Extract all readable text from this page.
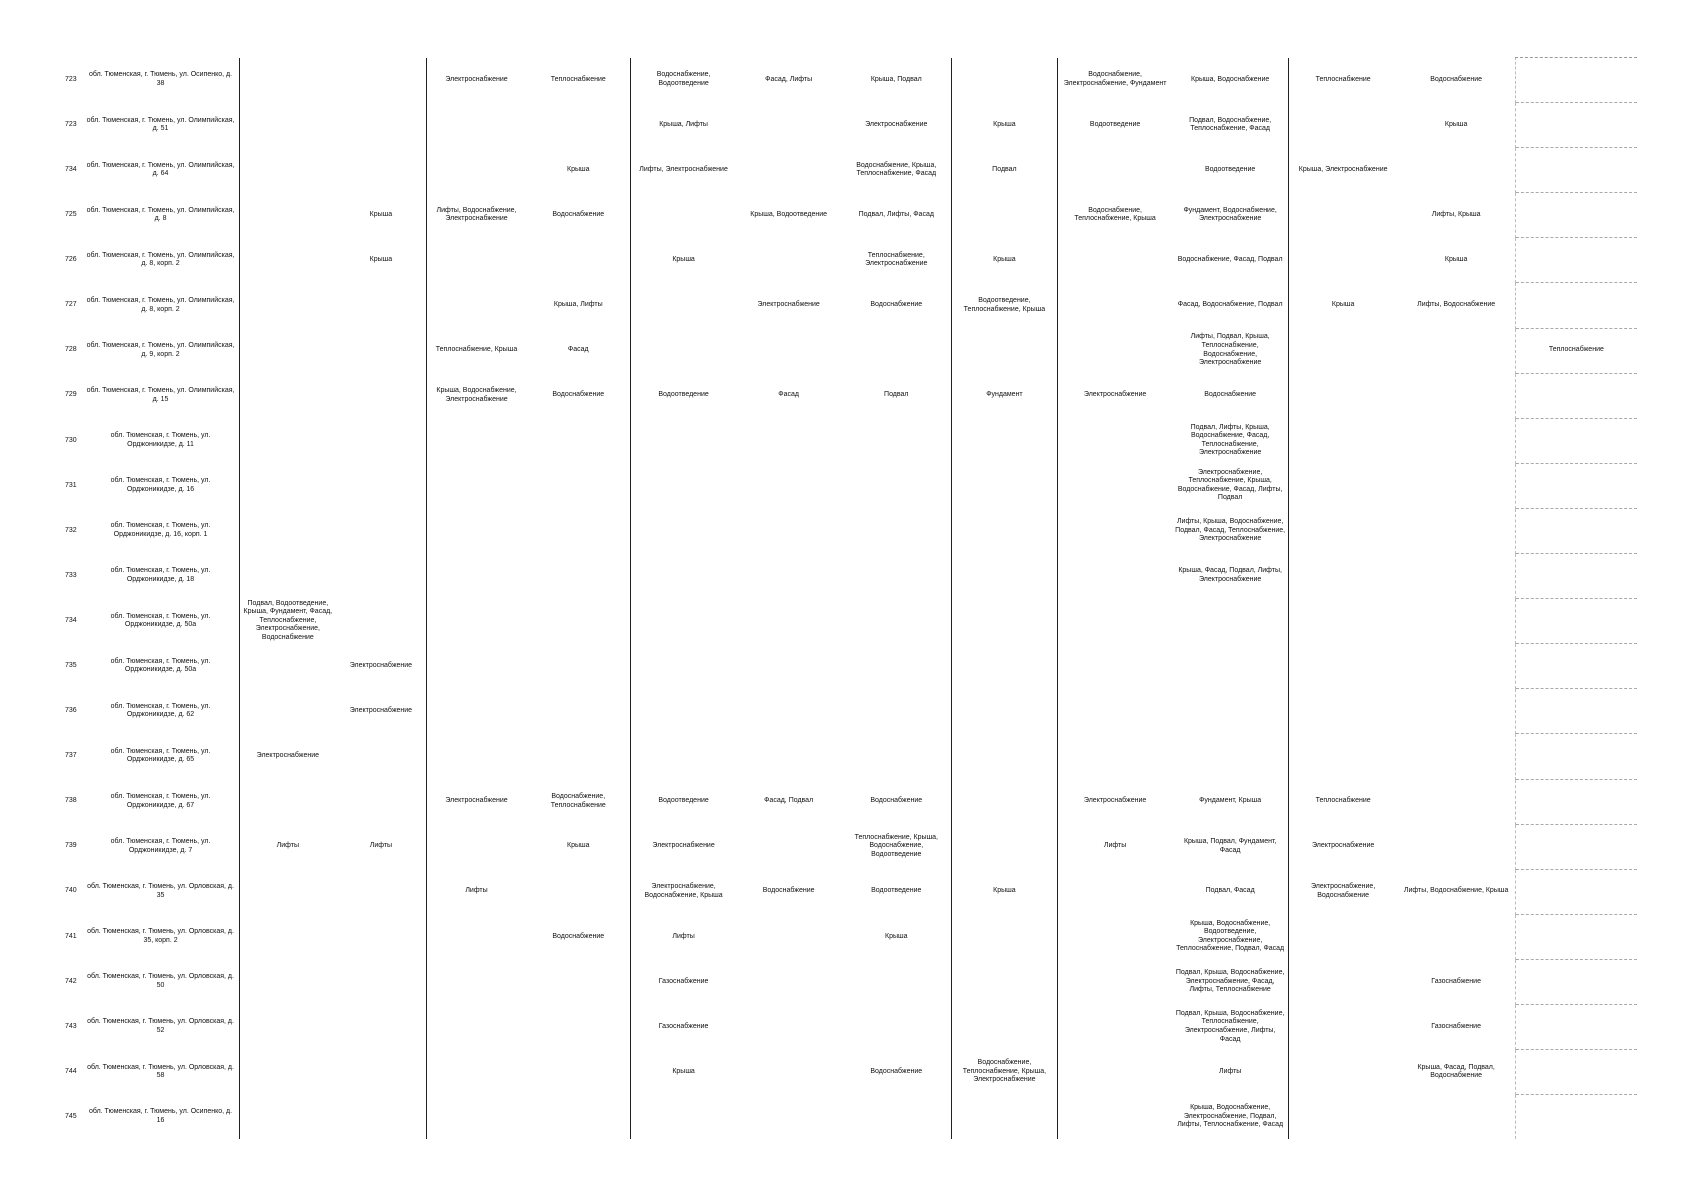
723	обл. Тюменская, г. Тюмень, ул. Осипенко, д. 38			Электроснабжение	Теплоснабжение	Водоснабжение, Водоотведение	Фасад, Лифты	Крыша, Подвал		Водоснабжение, Электроснабжение, Фундамент	Крыша, Водоснабжение	Теплоснабжение	Водоснабжение	
723	обл. Тюменская, г. Тюмень, ул. Олимпийская, д. 51					Крыша, Лифты		Электроснабжение	Крыша	Водоотведение	Подвал, Водоснабжение, Теплоснабжение, Фасад		Крыша	
734	обл. Тюменская, г. Тюмень, ул. Олимпийская, д. 64				Крыша	Лифты, Электроснабжение		Водоснабжение, Крыша, Теплоснабжение, Фасад	Подвал		Водоотведение	Крыша, Электроснабжение		
725	обл. Тюменская, г. Тюмень, ул. Олимпийская, д. 8		Крыша	Лифты, Водоснабжение, Электроснабжение	Водоснабжение		Крыша, Водоотведение	Подвал, Лифты, Фасад		Водоснабжение, Теплоснабжение, Крыша	Фундамент, Водоснабжение, Электроснабжение		Лифты, Крыша	
726	обл. Тюменская, г. Тюмень, ул. Олимпийская, д. 8, корп. 2		Крыша			Крыша		Теплоснабжение, Электроснабжение	Крыша		Водоснабжение, Фасад, Подвал		Крыша	
727	обл. Тюменская, г. Тюмень, ул. Олимпийская, д. 8, корп. 2				Крыша, Лифты		Электроснабжение	Водоснабжение	Водоотведение, Теплоснабжение, Крыша		Фасад, Водоснабжение, Подвал	Крыша	Лифты, Водоснабжение	
728	обл. Тюменская, г. Тюмень, ул. Олимпийская, д. 9, корп. 2			Теплоснабжение, Крыша	Фасад						Лифты, Подвал, Крыша, Теплоснабжение, Водоснабжение, Электроснабжение			Теплоснабжение
729	обл. Тюменская, г. Тюмень, ул. Олимпийская, д. 15			Крыша, Водоснабжение, Электроснабжение	Водоснабжение	Водоотведение	Фасад	Подвал	Фундамент	Электроснабжение	Водоснабжение			
730	обл. Тюменская, г. Тюмень, ул. Орджоникидзе, д. 11										Подвал, Лифты, Крыша, Водоснабжение, Фасад, Теплоснабжение, Электроснабжение			
731	обл. Тюменская, г. Тюмень, ул. Орджоникидзе, д. 16										Электроснабжение, Теплоснабжение, Крыша, Водоснабжение, Фасад, Лифты, Подвал			
732	обл. Тюменская, г. Тюмень, ул. Орджоникидзе, д. 16, корп. 1										Лифты, Крыша, Водоснабжение, Подвал, Фасад, Теплоснабжение, Электроснабжение			
733	обл. Тюменская, г. Тюмень, ул. Орджоникидзе, д. 18										Крыша, Фасад, Подвал, Лифты, Электроснабжение			
734	обл. Тюменская, г. Тюмень, ул. Орджоникидзе, д. 50а	Подвал, Водоотведение, Крыша, Фундамент, Фасад, Теплоснабжение, Электроснабжение, Водоснабжение												
735	обл. Тюменская, г. Тюмень, ул. Орджоникидзе, д. 50а		Электроснабжение											
736	обл. Тюменская, г. Тюмень, ул. Орджоникидзе, д. 62		Электроснабжение											
737	обл. Тюменская, г. Тюмень, ул. Орджоникидзе, д. 65	Электроснабжение												
738	обл. Тюменская, г. Тюмень, ул. Орджоникидзе, д. 67			Электроснабжение	Водоснабжение, Теплоснабжение	Водоотведение	Фасад, Подвал	Водоснабжение		Электроснабжение	Фундамент, Крыша	Теплоснабжение		
739	обл. Тюменская, г. Тюмень, ул. Орджоникидзе, д. 7	Лифты	Лифты		Крыша	Электроснабжение		Теплоснабжение, Крыша, Водоснабжение, Водоотведение		Лифты	Крыша, Подвал, Фундамент, Фасад	Электроснабжение		
740	обл. Тюменская, г. Тюмень, ул. Орловская, д. 35			Лифты		Электроснабжение, Водоснабжение, Крыша	Водоснабжение	Водоотведение	Крыша		Подвал, Фасад	Электроснабжение, Водоснабжение	Лифты, Водоснабжение, Крыша	
741	обл. Тюменская, г. Тюмень, ул. Орловская, д. 35, корп. 2				Водоснабжение	Лифты		Крыша			Крыша, Водоснабжение, Водоотведение, Электроснабжение, Теплоснабжение, Подвал, Фасад			
742	обл. Тюменская, г. Тюмень, ул. Орловская, д. 50					Газоснабжение					Подвал, Крыша, Водоснабжение, Электроснабжение, Фасад, Лифты, Теплоснабжение		Газоснабжение	
743	обл. Тюменская, г. Тюмень, ул. Орловская, д. 52					Газоснабжение					Подвал, Крыша, Водоснабжение, Теплоснабжение, Электроснабжение, Лифты, Фасад		Газоснабжение	
744	обл. Тюменская, г. Тюмень, ул. Орловская, д. 58					Крыша		Водоснабжение	Водоснабжение, Теплоснабжение, Крыша, Электроснабжение		Лифты		Крыша, Фасад, Подвал, Водоснабжение	
745	обл. Тюменская, г. Тюмень, ул. Осипенко, д. 16										Крыша, Водоснабжение, Электроснабжение, Подвал, Лифты, Теплоснабжение, Фасад			
